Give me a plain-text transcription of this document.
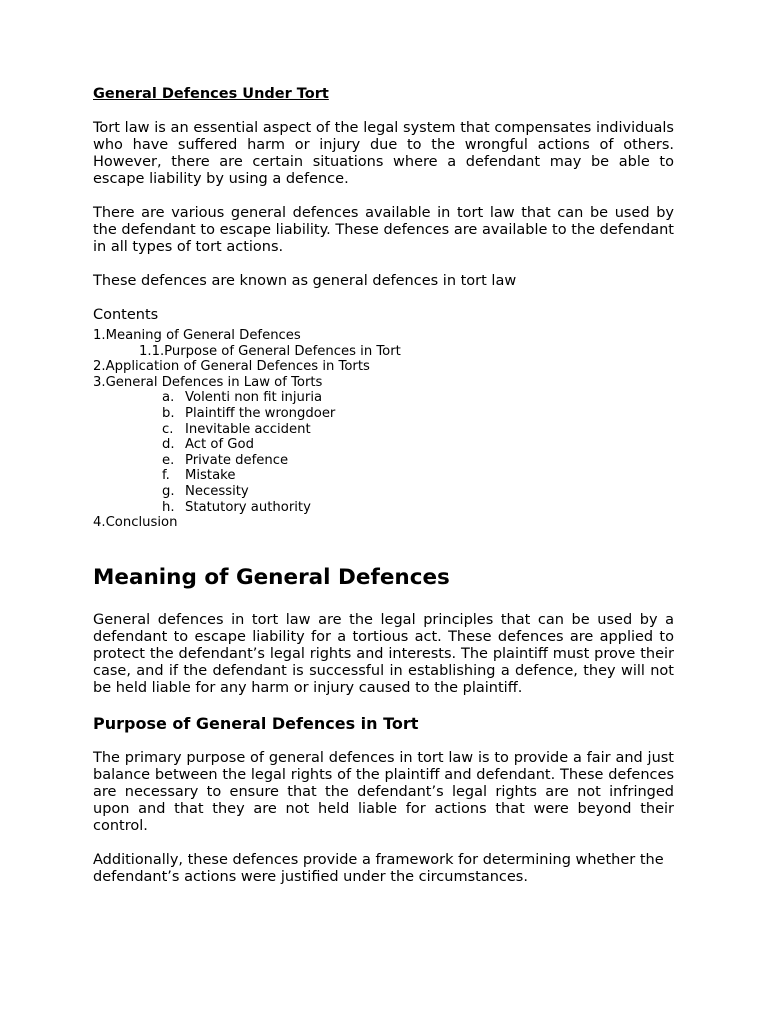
General Defences Under Tort

Tort law is an essential aspect of the legal system that compensates individuals who have suffered harm or injury due to the wrongful actions of others. However, there are certain situations where a defendant may be able to escape liability by using a defence.

There are various general defences available in tort law that can be used by the defendant to escape liability. These defences are available to the defendant in all types of tort actions.

These defences are known as general defences in tort law

Contents
1.Meaning of General Defences
1.1.Purpose of General Defences in Tort
2.Application of General Defences in Torts
3.General Defences in Law of Torts
a. Volenti non fit injuria
b. Plaintiff the wrongdoer
c. Inevitable accident
d. Act of God
e. Private defence
f.	Mistake
g. Necessity
h. Statutory authority
4.Conclusion
Meaning of General Defences

General defences in tort law are the legal principles that can be used by a defendant to escape liability for a tortious act. These defences are applied to protect the defendant’s legal rights and interests. The plaintiff must prove their case, and if the defendant is successful in establishing a defence, they will not be held liable for any harm or injury caused to the plaintiff.

Purpose of General Defences in Tort

The primary purpose of general defences in tort law is to provide a fair and just balance between the legal rights of the plaintiff and defendant. These defences are necessary to ensure that the defendant’s legal rights are not infringed upon and that they are not held liable for actions that were beyond their control.

Additionally, these defences provide a framework for determining whether the defendant’s actions were justified under the circumstances.
